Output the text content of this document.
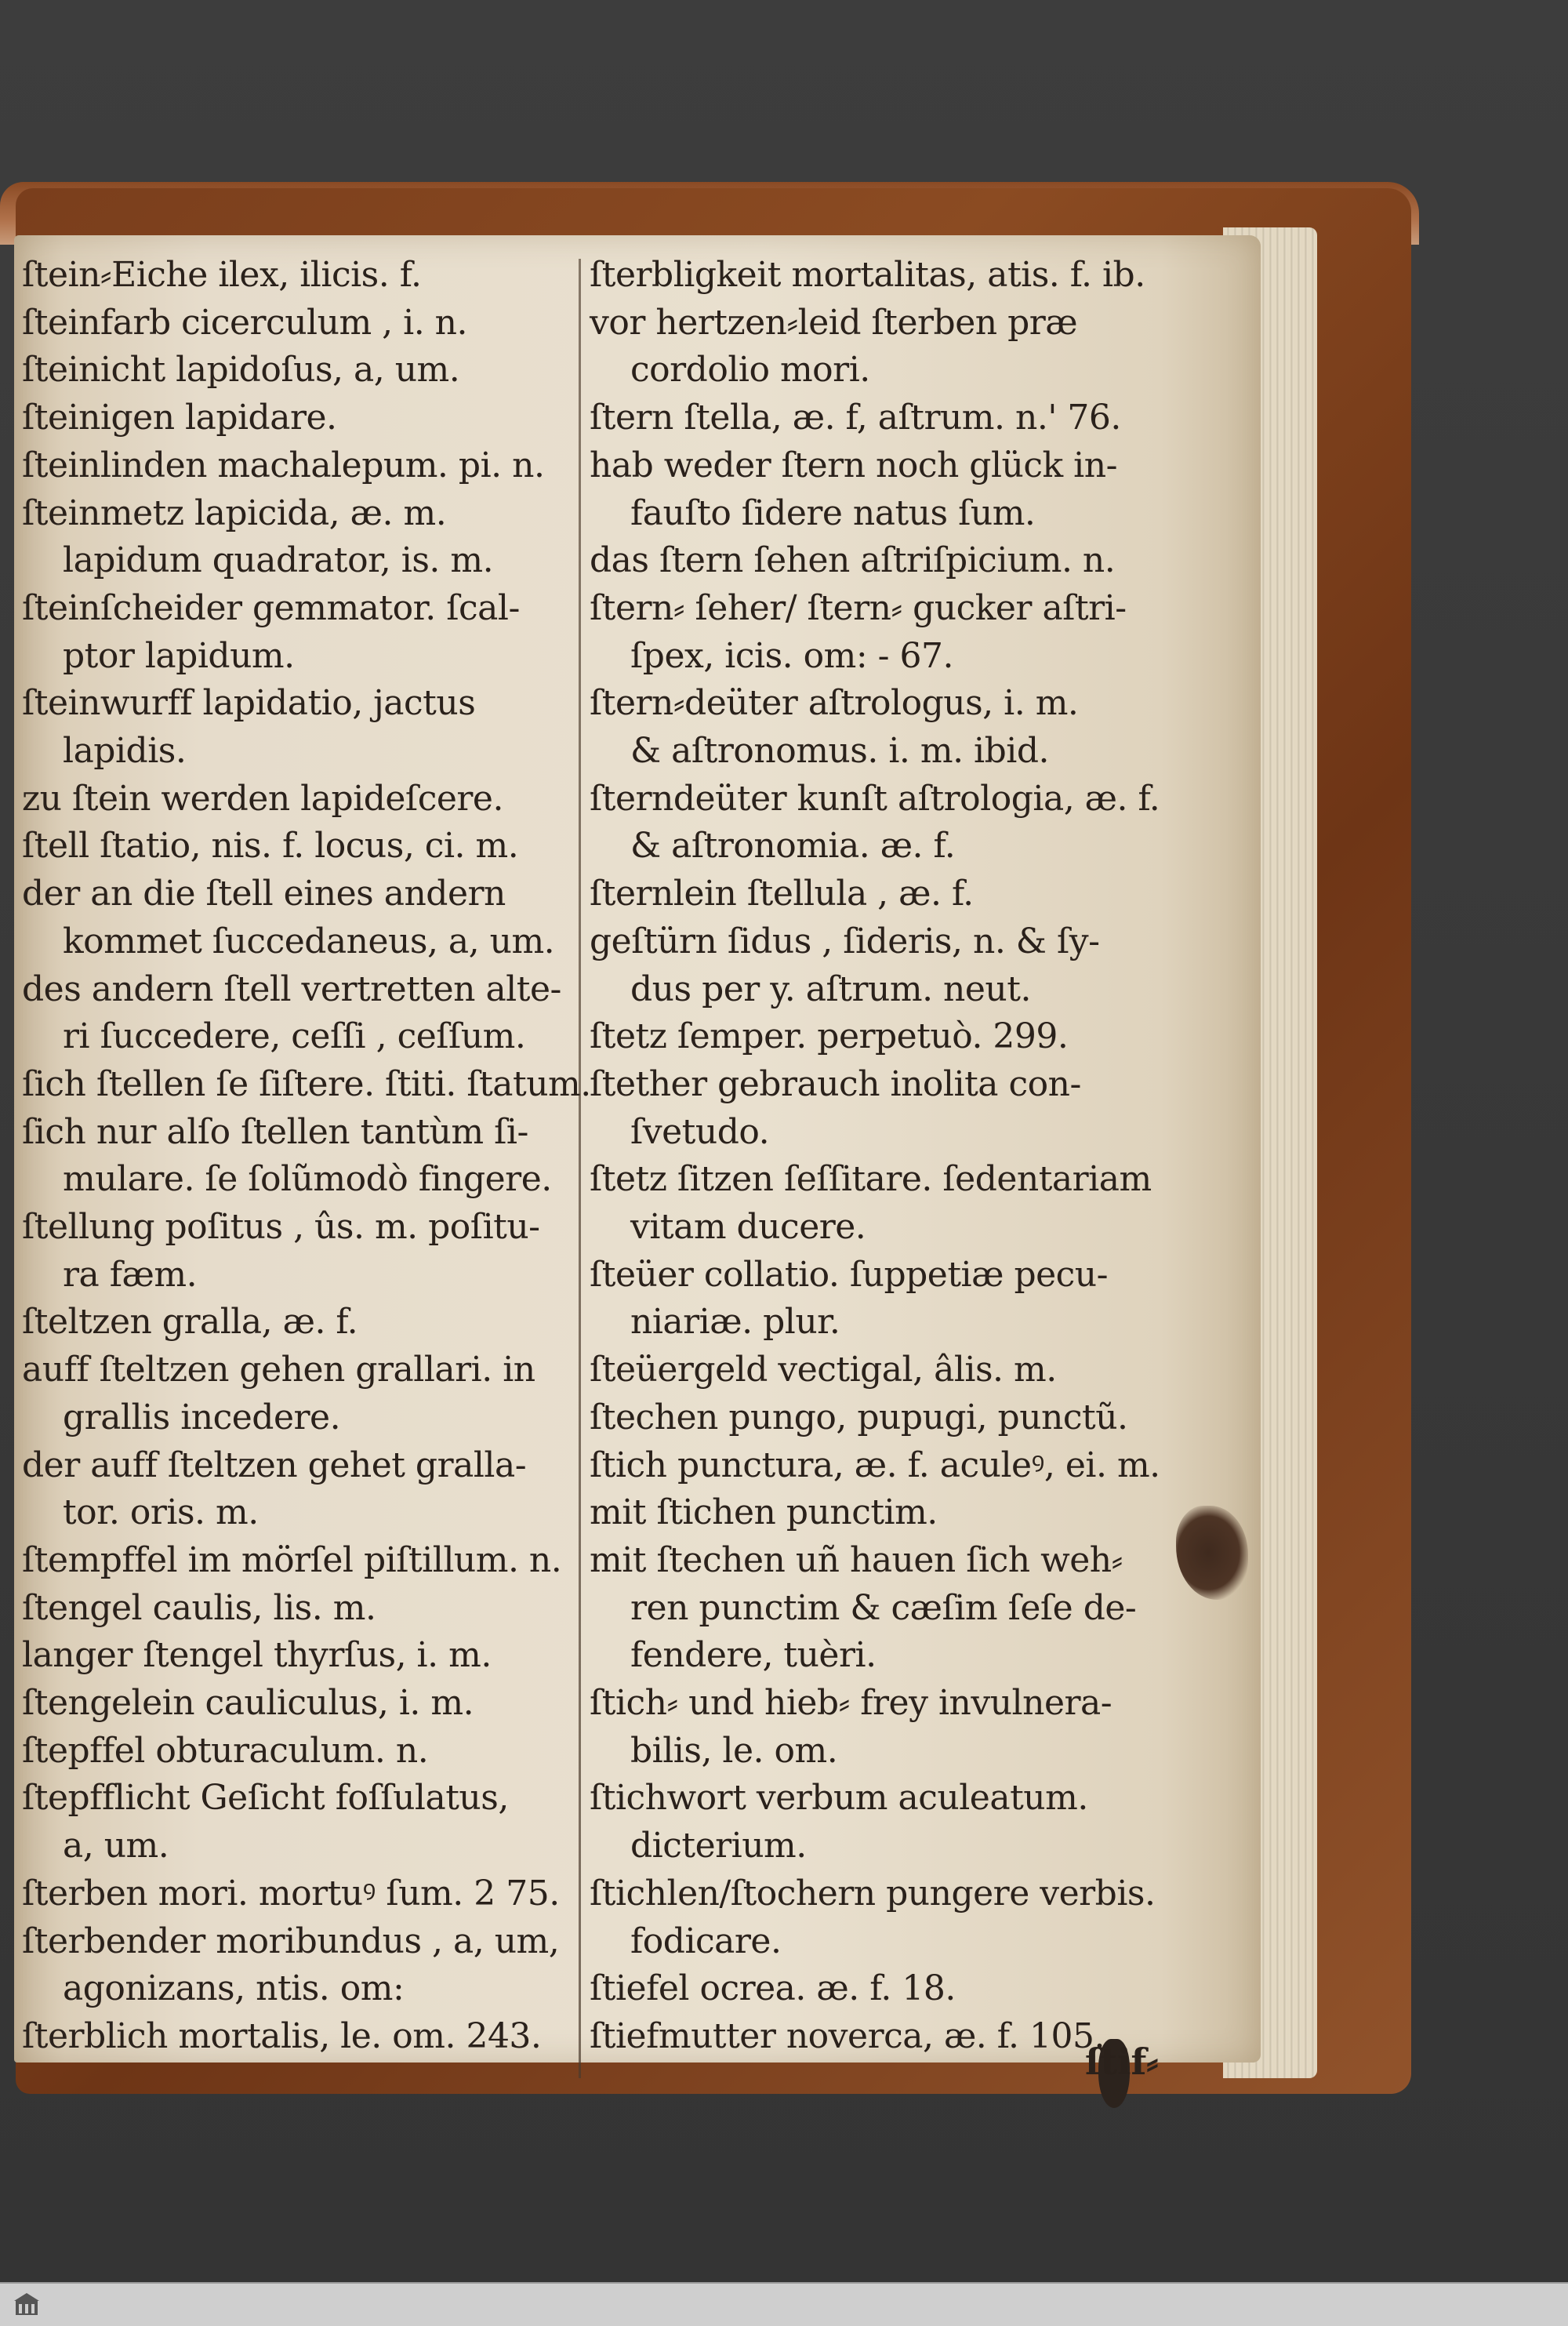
ſtein⸗Eiche ilex, ilicis. f.
ſteinfarb cicerculum , i. n.
ſteinicht lapidoſus, a, um.
ſteinigen lapidare.
ſteinlinden machalepum. pi. n.
ſteinmetz lapicida, æ. m.
lapidum quadrator, is. m.
ſteinſcheider gemmator. ſcal-
ptor lapidum.
ſteinwurff lapidatio, jactus
lapidis.
zu ſtein werden lapideſcere.
ſtell ſtatio, nis. f. locus, ci. m.
der an die ſtell eines andern
kommet ſuccedaneus, a, um.
des andern ſtell vertretten alte-
ri ſuccedere, ceſſi , ceſſum.
ſich ſtellen ſe ſiſtere. ſtiti. ſtatum.
ſich nur alſo ſtellen tantùm ſi-
mulare. ſe ſolũmodò fingere.
ſtellung poſitus , ûs. m. poſitu-
ra fæm.
ſteltzen gralla, æ. f.
auff ſteltzen gehen grallari. in
grallis incedere.
der auff ſteltzen gehet gralla-
tor. oris. m.
ſtempffel im mörſel piſtillum. n.
ſtengel caulis, lis. m.
langer ſtengel thyrſus, i. m.
ſtengelein cauliculus, i. m.
ſtepffel obturaculum. n.
ſtepfflicht Geſicht foſſulatus,
a, um.
ſterben mori. mortuꝰ ſum. 2 75.
ſterbender moribundus , a, um,
agonizans, ntis. om:
ſterblich mortalis, le. om. 243.
ſterbligkeit mortalitas, atis. f. ib.
vor hertzen⸗leid ſterben præ
cordolio mori.
ſtern ſtella, æ. f, aſtrum. n.' 76.
hab weder ſtern noch glück in-
fauſto ſidere natus ſum.
das ſtern ſehen aſtriſpicium. n.
ſtern⸗ ſeher/ ſtern⸗ gucker aſtri-
ſpex, icis. om: - 67.
ſtern⸗deüter aſtrologus, i. m.
& aſtronomus. i. m. ibid.
ſterndeüter kunſt aſtrologia, æ. f.
& aſtronomia. æ. f.
ſternlein ſtellula , æ. f.
geſtürn ſidus , ſideris, n. & ſy-
dus per y. aſtrum. neut.
ſtetz ſemper. perpetuò. 299.
ſtether gebrauch inolita con-
ſvetudo.
ſtetz ſitzen ſeſſitare. ſedentariam
vitam ducere.
ſteüer collatio. ſuppetiæ pecu-
niariæ. plur.
ſteüergeld vectigal, âlis. m.
ſtechen pungo, pupugi, punctũ.
ſtich punctura, æ. f. aculeꝰ, ei. m.
mit ſtichen punctim.
mit ſtechen uñ hauen ſich weh⸗
ren punctim & cæſim ſeſe de-
fendere, tuèri.
ſtich⸗ und hieb⸗ frey invulnera-
bilis, le. om.
ſtichwort verbum aculeatum.
dicterium.
ſtichlen/ſtochern pungere verbis.
fodicare.
ſtiefel ocrea. æ. f. 18.
ſtiefmutter noverca, æ. f. 105.
ſtif⸗
